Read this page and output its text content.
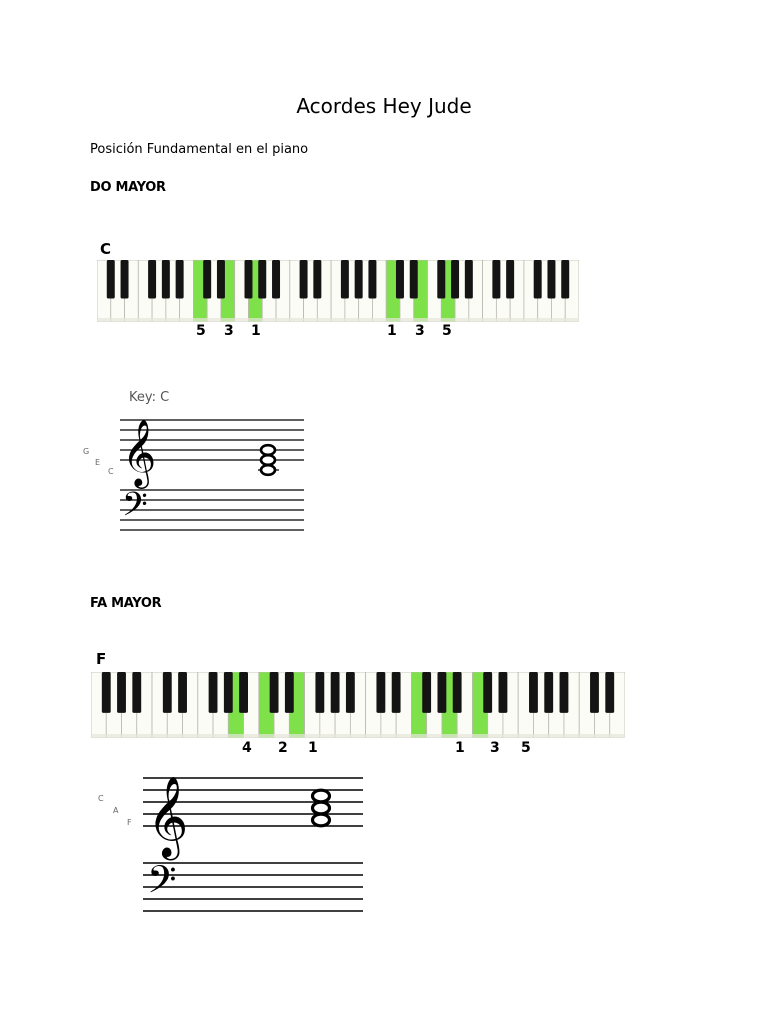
Acordes Hey Jude
Posición Fundamental en el piano
DO MAYOR
C
5 3 1	1 3 5
Key: C
G
E
C 𝄞
𝄢
FA MAYOR
F
4 2 1	1 3 5
C
A
F 𝄞
𝄢
